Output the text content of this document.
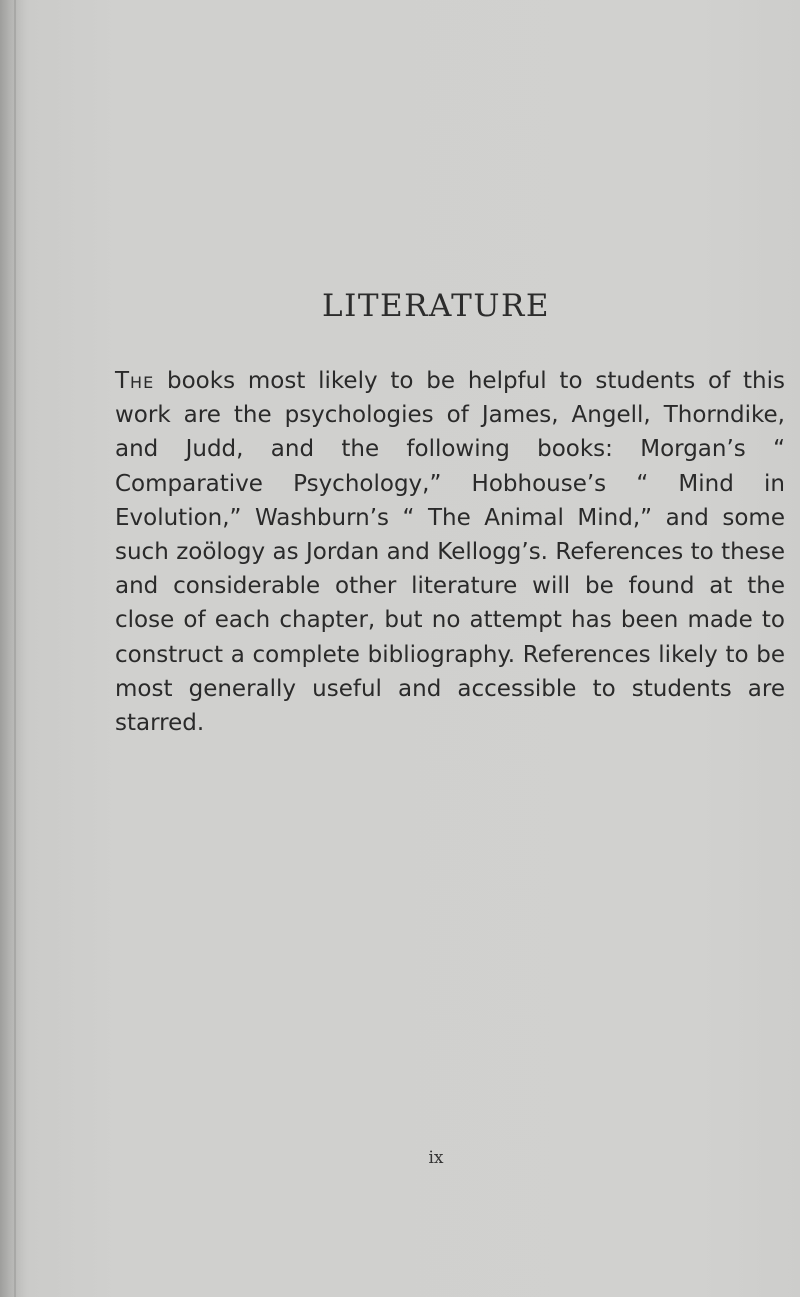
LITERATURE

The books most likely to be helpful to students of this work are the psychologies of James, Angell, Thorndike, and Judd, and the following books: Morgan’s “ Comparative Psychology,” Hobhouse’s “ Mind in Evolution,” Washburn’s “ The Animal Mind,” and some such zoölogy as Jordan and Kellogg’s. References to these and considerable other literature will be found at the close of each chapter, but no attempt has been made to construct a complete bibliography. References likely to be most generally useful and accessible to students are starred.

ix
